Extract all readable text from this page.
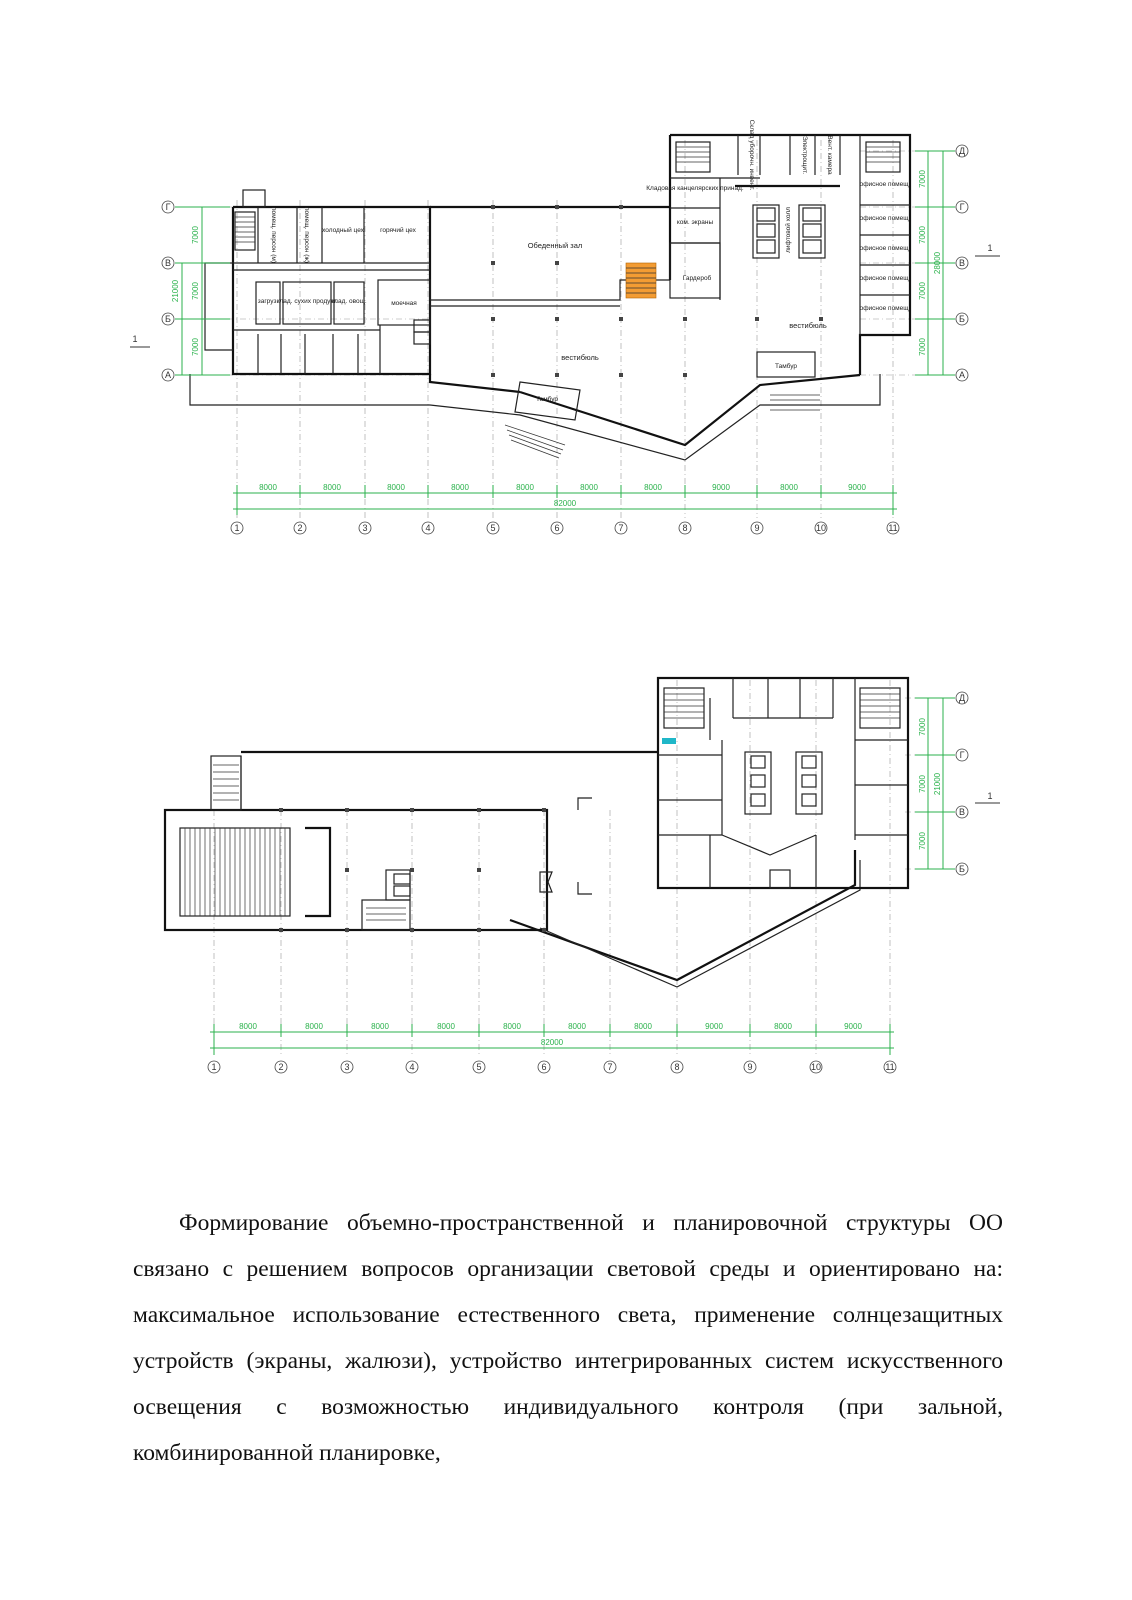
Обеденный зал
вестибюль
вестибюль
Тамбур
Тамбур
Гардероб
горячий цех
холодный цех
моечная
загруз.
клад. сухих продукт.
клад. овощ.
Кладовая канцелярских принад.
ком. экраны
офисное помещ.
офисное помещ.
офисное помещ.
офисное помещ.
офисное помещ.
помещ. персон (м)	помещ. персон (ж)
Склад уборочн. инвент.	Электрощит.	Вент. камера
лифтовой холл
1
1
7000
7000
7000
21000
Г
В
Б
А
7000
7000
7000
7000
28000
Д
Г
В
Б
А
8000	8000	8000	8000	8000	8000	8000	9000	8000	9000
82000
1	2	3	4	5	6	7	8	9	10	11
1
7000
7000
7000
21000
Д
Г
В
Б
8000	8000	8000	8000	8000	8000	8000	9000	8000	9000
82000
1	2	3	4	5	6	7	8	9	10	11

Формирование объемно-пространственной и планировочной структуры ОО связано с решением вопросов организации световой среды и ориентировано на: максимальное использование естественного света, применение солнцезащитных устройств (экраны, жалюзи), устройство интегрированных систем искусственного освещения с возможностью индивидуального контроля (при зальной, комбинированной планировке,
